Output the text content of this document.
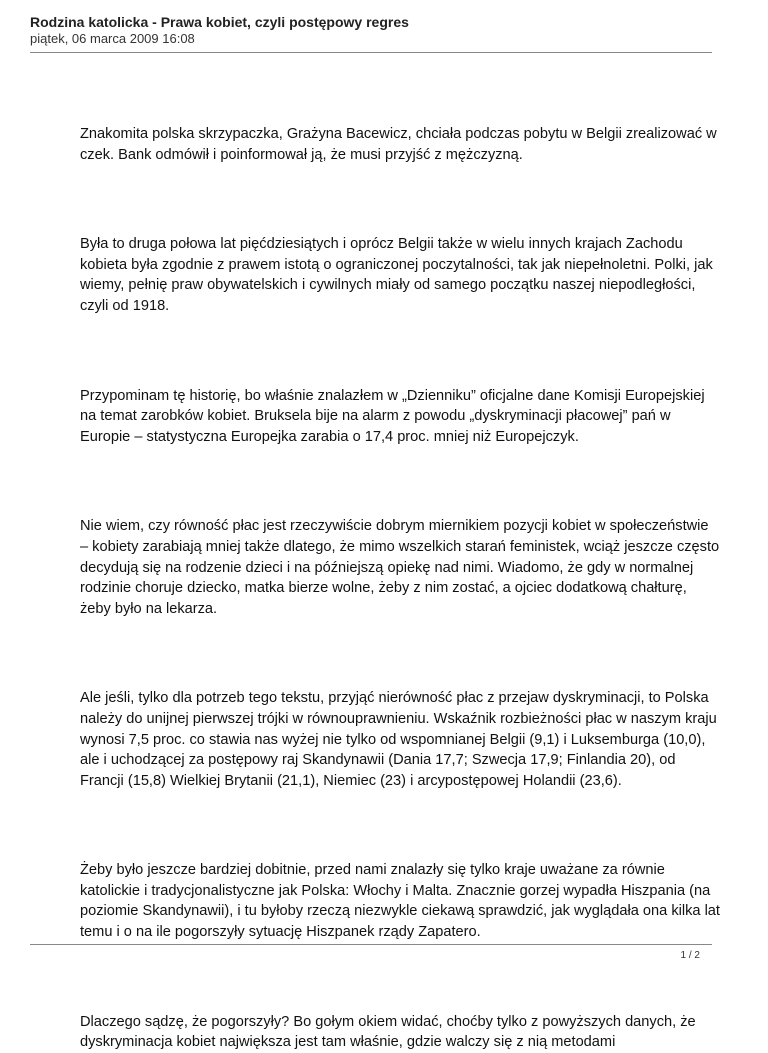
Rodzina katolicka - Prawa kobiet, czyli postępowy regres

piątek, 06 marca 2009 16:08

Znakomita polska skrzypaczka, Grażyna Bacewicz, chciała podczas pobytu w Belgii zrealizować w czek. Bank odmówił i poinformował ją, że musi przyjść z mężczyzną.

Była to druga połowa lat pięćdziesiątych i oprócz Belgii także w wielu innych krajach Zachodu kobieta była zgodnie z prawem istotą o ograniczonej poczytalności, tak jak niepełnoletni. Polki, jak wiemy, pełnię praw obywatelskich i cywilnych miały od samego początku naszej niepodległości, czyli od 1918.

Przypominam tę historię, bo właśnie znalazłem w „Dzienniku” oficjalne dane Komisji Europejskiej na temat zarobków kobiet. Bruksela bije na alarm z powodu „dyskryminacji płacowej” pań w Europie – statystyczna Europejka zarabia o 17,4 proc. mniej niż Europejczyk.

Nie wiem, czy równość płac jest rzeczywiście dobrym miernikiem pozycji kobiet w społeczeństwie – kobiety zarabiają mniej także dlatego, że mimo wszelkich starań feministek, wciąż jeszcze często decydują się na rodzenie dzieci i na późniejszą opiekę nad nimi. Wiadomo, że gdy w normalnej rodzinie choruje dziecko, matka bierze wolne, żeby z nim zostać, a ojciec dodatkową chałturę, żeby było na lekarza.

Ale jeśli, tylko dla potrzeb tego tekstu, przyjąć nierówność płac z przejaw dyskryminacji, to Polska należy do unijnej pierwszej trójki w równouprawnieniu. Wskaźnik rozbieżności płac w naszym kraju wynosi 7,5 proc. co stawia nas wyżej nie tylko od wspomnianej Belgii (9,1) i Luksemburga (10,0), ale i uchodzącej za postępowy raj Skandynawii (Dania 17,7; Szwecja 17,9; Finlandia 20), od Francji (15,8) Wielkiej Brytanii (21,1), Niemiec (23) i arcypostępowej Holandii (23,6).

Żeby było jeszcze bardziej dobitnie, przed nami znalazły się tylko kraje uważane za równie katolickie i tradycjonalistyczne jak Polska: Włochy i Malta. Znacznie gorzej wypadła Hiszpania (na poziomie Skandynawii), i tu byłoby rzeczą niezwykle ciekawą sprawdzić, jak wyglądała ona kilka lat temu i o na ile pogorszyły sytuację Hiszpanek rządy Zapatero.

Dlaczego sądzę, że pogorszyły? Bo gołym okiem widać, choćby tylko z powyższych danych, że dyskryminacja kobiet największa jest tam właśnie, gdzie walczy się z nią metodami

1 / 2
